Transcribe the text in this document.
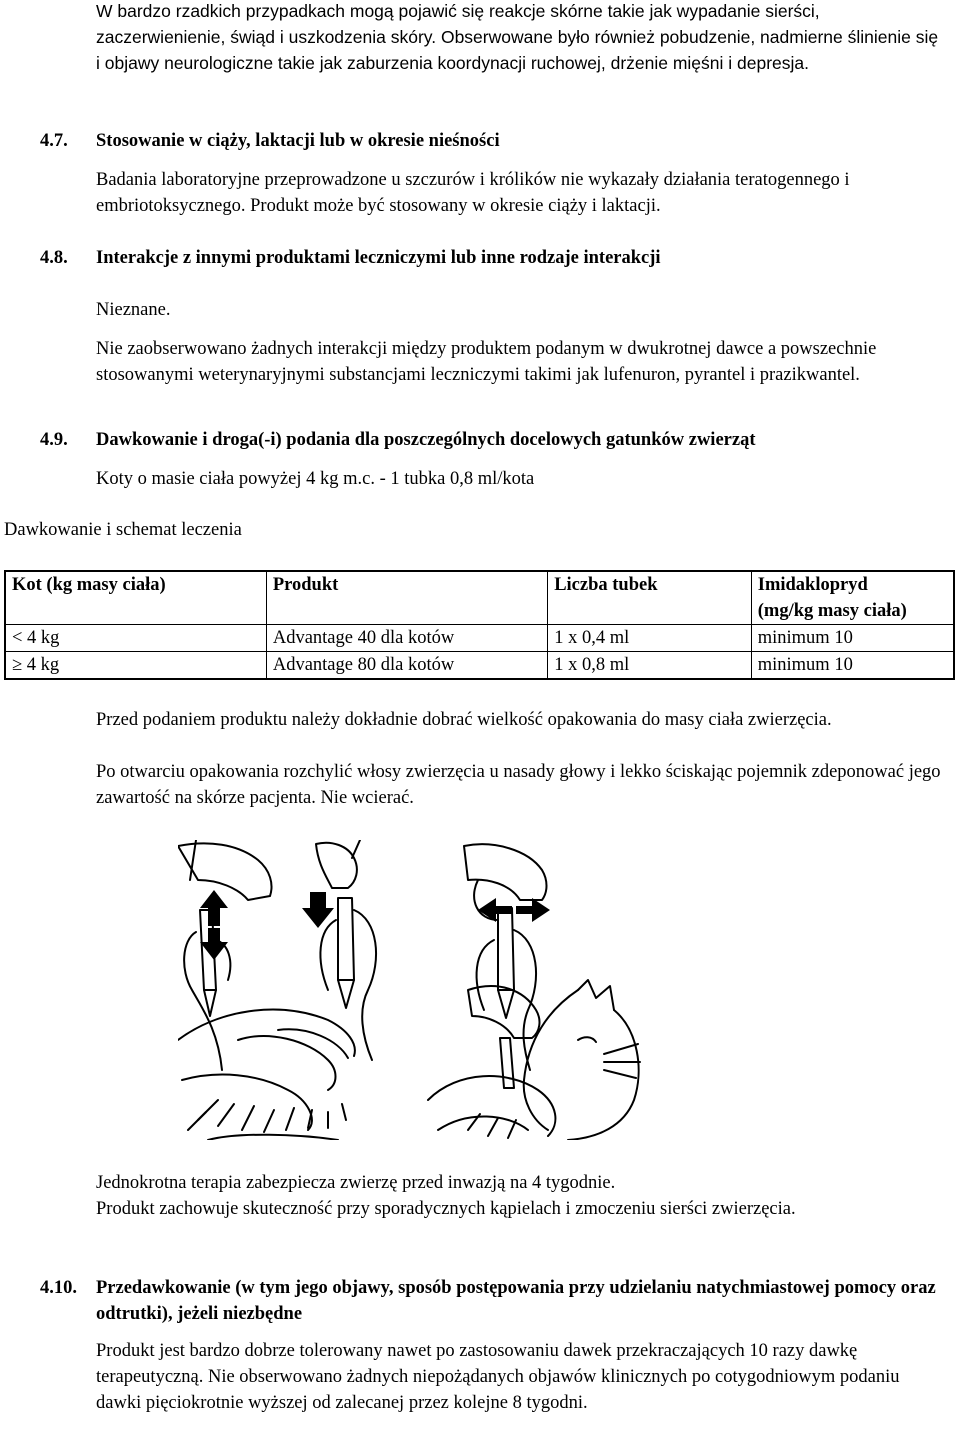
W bardzo rzadkich przypadkach mogą pojawić się reakcje skórne takie jak wypadanie sierści, zaczerwienienie, świąd i uszkodzenia skóry. Obserwowane było również pobudzenie, nadmierne ślinienie się i objawy neurologiczne takie jak zaburzenia koordynacji ruchowej, drżenie mięśni i depresja.

4.7. Stosowanie w ciąży, laktacji lub w okresie nieśności

Badania laboratoryjne przeprowadzone u szczurów i królików nie wykazały działania teratogennego i embriotoksycznego. Produkt może być stosowany w okresie ciąży i laktacji.

4.8. Interakcje z innymi produktami leczniczymi lub inne rodzaje interakcji

Nieznane.

Nie zaobserwowano żadnych interakcji między produktem podanym w dwukrotnej dawce a powszechnie stosowanymi weterynaryjnymi substancjami leczniczymi takimi jak lufenuron, pyrantel i prazikwantel.

4.9. Dawkowanie i droga(-i) podania dla poszczególnych docelowych gatunków zwierząt

Koty o masie ciała powyżej 4 kg m.c. - 1 tubka 0,8 ml/kota

Dawkowanie i schemat leczenia

Kot (kg masy ciała)	Produkt	Liczba tubek	Imidaklopryd
(mg/kg masy ciała)

< 4 kg	Advantage 40 dla kotów	1 x 0,4 ml	minimum 10
≥ 4 kg	Advantage 80 dla kotów	1 x 0,8 ml	minimum 10

Przed podaniem produktu należy dokładnie dobrać wielkość opakowania do masy ciała zwierzęcia.

Po otwarciu opakowania rozchylić włosy zwierzęcia u nasady głowy i lekko ściskając pojemnik zdeponować jego zawartość na skórze pacjenta. Nie wcierać.

Jednokrotna terapia zabezpiecza zwierzę przed inwazją na 4 tygodnie.

Produkt zachowuje skuteczność przy sporadycznych kąpielach i zmoczeniu sierści zwierzęcia.

4.10. Przedawkowanie (w tym jego objawy, sposób postępowania przy udzielaniu natychmiastowej pomocy oraz odtrutki), jeżeli niezbędne

Produkt jest bardzo dobrze tolerowany nawet po zastosowaniu dawek przekraczających 10 razy dawkę terapeutyczną. Nie obserwowano żadnych niepożądanych objawów klinicznych po cotygodniowym podaniu dawki pięciokrotnie wyższej od zalecanej przez kolejne 8 tygodni.
